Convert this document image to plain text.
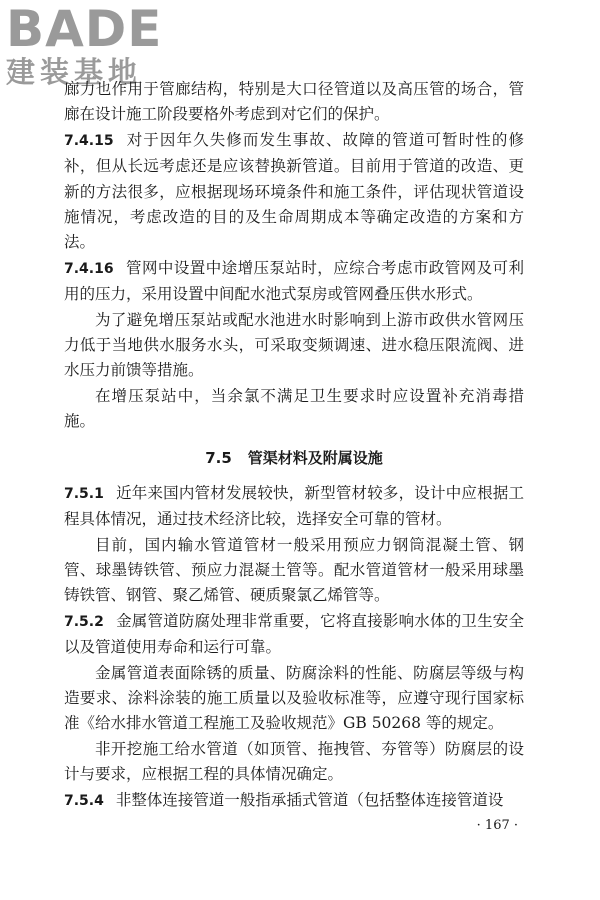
BADE
建装基地

廊力也作用于管廊结构，特别是大口径管道以及高压管的场合，管廊在设计施工阶段要格外考虑到对它们的保护。

7.4.15 对于因年久失修而发生事故、故障的管道可暂时性的修补，但从长远考虑还是应该替换新管道。目前用于管道的改造、更新的方法很多，应根据现场环境条件和施工条件，评估现状管道设施情况，考虑改造的目的及生命周期成本等确定改造的方案和方法。

7.4.16 管网中设置中途增压泵站时，应综合考虑市政管网及可利用的压力，采用设置中间配水池式泵房或管网叠压供水形式。

为了避免增压泵站或配水池进水时影响到上游市政供水管网压力低于当地供水服务水头，可采取变频调速、进水稳压限流阀、进水压力前馈等措施。

在增压泵站中，当余氯不满足卫生要求时应设置补充消毒措施。

7.5 管渠材料及附属设施

7.5.1 近年来国内管材发展较快，新型管材较多，设计中应根据工程具体情况，通过技术经济比较，选择安全可靠的管材。

目前，国内输水管道管材一般采用预应力钢筒混凝土管、钢管、球墨铸铁管、预应力混凝土管等。配水管道管材一般采用球墨铸铁管、钢管、聚乙烯管、硬质聚氯乙烯管等。

7.5.2 金属管道防腐处理非常重要，它将直接影响水体的卫生安全以及管道使用寿命和运行可靠。

金属管道表面除锈的质量、防腐涂料的性能、防腐层等级与构造要求、涂料涂装的施工质量以及验收标准等，应遵守现行国家标准《给水排水管道工程施工及验收规范》GB 50268 等的规定。

非开挖施工给水管道（如顶管、拖拽管、夯管等）防腐层的设计与要求，应根据工程的具体情况确定。

7.5.4 非整体连接管道一般指承插式管道（包括整体连接管道设

· 167 ·
